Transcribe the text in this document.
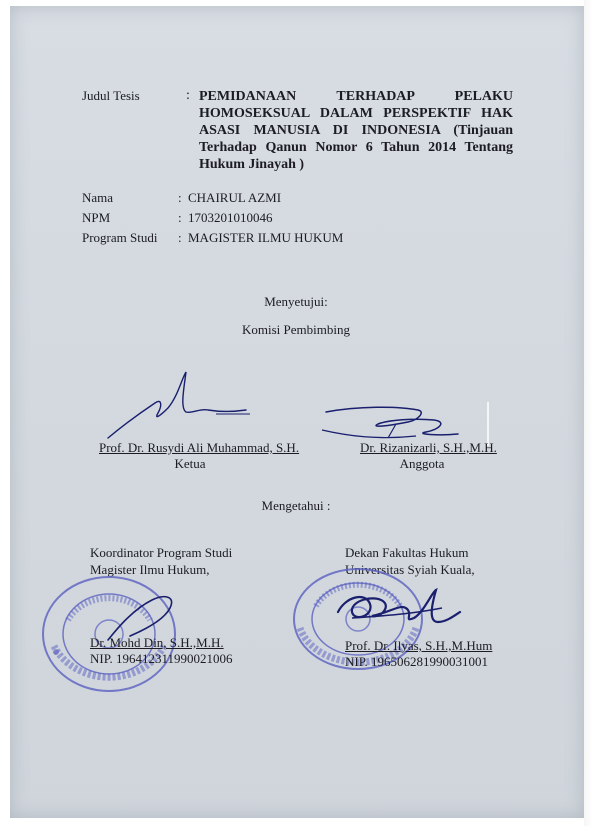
Judul Tesis	: PEMIDANAAN TERHADAP PELAKU
HOMOSEKSUAL DALAM PERSPEKTIF HAK
ASASI MANUSIA DI INDONESIA (Tinjauan
Terhadap Qanun Nomor 6 Tahun 2014 Tentang
Hukum Jinayah )
Nama	: CHAIRUL AZMI
NPM	: 1703201010046
Program Studi : MAGISTER ILMU HUKUM
Menyetujui:
Komisi Pembimbing
Prof. Dr. Rusydi Ali Muhammad, S.H.
Ketua
Dr. Rizanizarli, S.H.,M.H.
Anggota
Mengetahui :
Koordinator Program Studi
Magister Ilmu Hukum,
Dekan Fakultas Hukum
Universitas Syiah Kuala,
Dr. Mohd Din, S.H.,M.H.
NIP. 196412311990021006
Prof. Dr. Ilyas, S.H.,M.Hum
NIP. 196506281990031001
